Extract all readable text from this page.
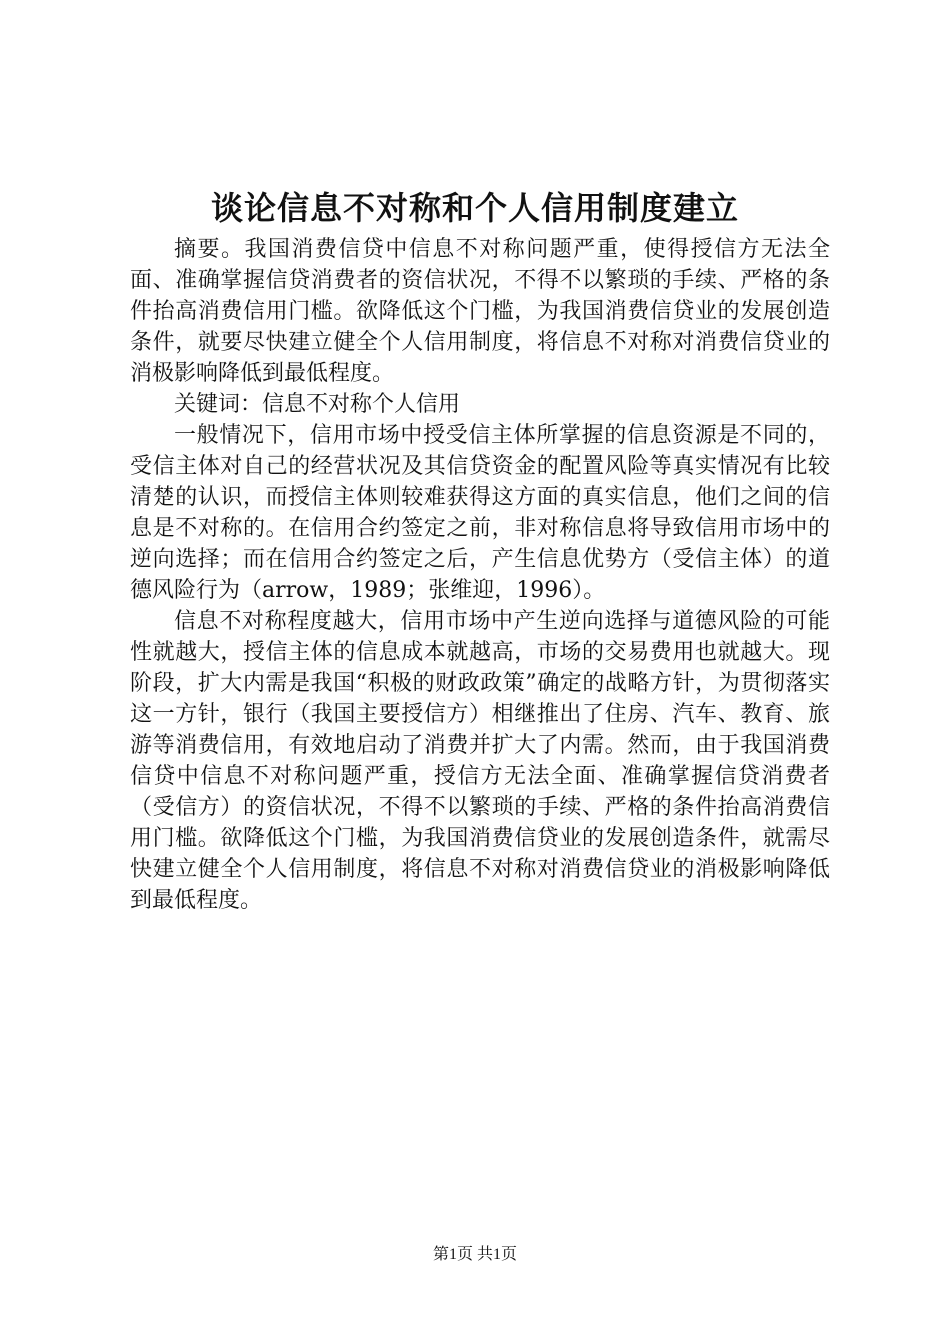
谈论信息不对称和个人信用制度建立

摘要。我国消费信贷中信息不对称问题严重，使得授信方无法全面、准确掌握信贷消费者的资信状况，不得不以繁琐的手续、严格的条件抬高消费信用门槛。欲降低这个门槛，为我国消费信贷业的发展创造条件，就要尽快建立健全个人信用制度，将信息不对称对消费信贷业的消极影响降低到最低程度。

关键词：信息不对称个人信用

一般情况下，信用市场中授受信主体所掌握的信息资源是不同的，受信主体对自己的经营状况及其信贷资金的配置风险等真实情况有比较清楚的认识，而授信主体则较难获得这方面的真实信息，他们之间的信息是不对称的。在信用合约签定之前，非对称信息将导致信用市场中的逆向选择；而在信用合约签定之后，产生信息优势方（受信主体）的道德风险行为（arrow，1989；张维迎，1996）。

信息不对称程度越大，信用市场中产生逆向选择与道德风险的可能性就越大，授信主体的信息成本就越高，市场的交易费用也就越大。现阶段，扩大内需是我国“积极的财政政策”确定的战略方针，为贯彻落实这一方针，银行（我国主要授信方）相继推出了住房、汽车、教育、旅游等消费信用，有效地启动了消费并扩大了内需。然而，由于我国消费信贷中信息不对称问题严重，授信方无法全面、准确掌握信贷消费者（受信方）的资信状况，不得不以繁琐的手续、严格的条件抬高消费信用门槛。欲降低这个门槛，为我国消费信贷业的发展创造条件，就需尽快建立健全个人信用制度，将信息不对称对消费信贷业的消极影响降低到最低程度。

第1页 共1页
